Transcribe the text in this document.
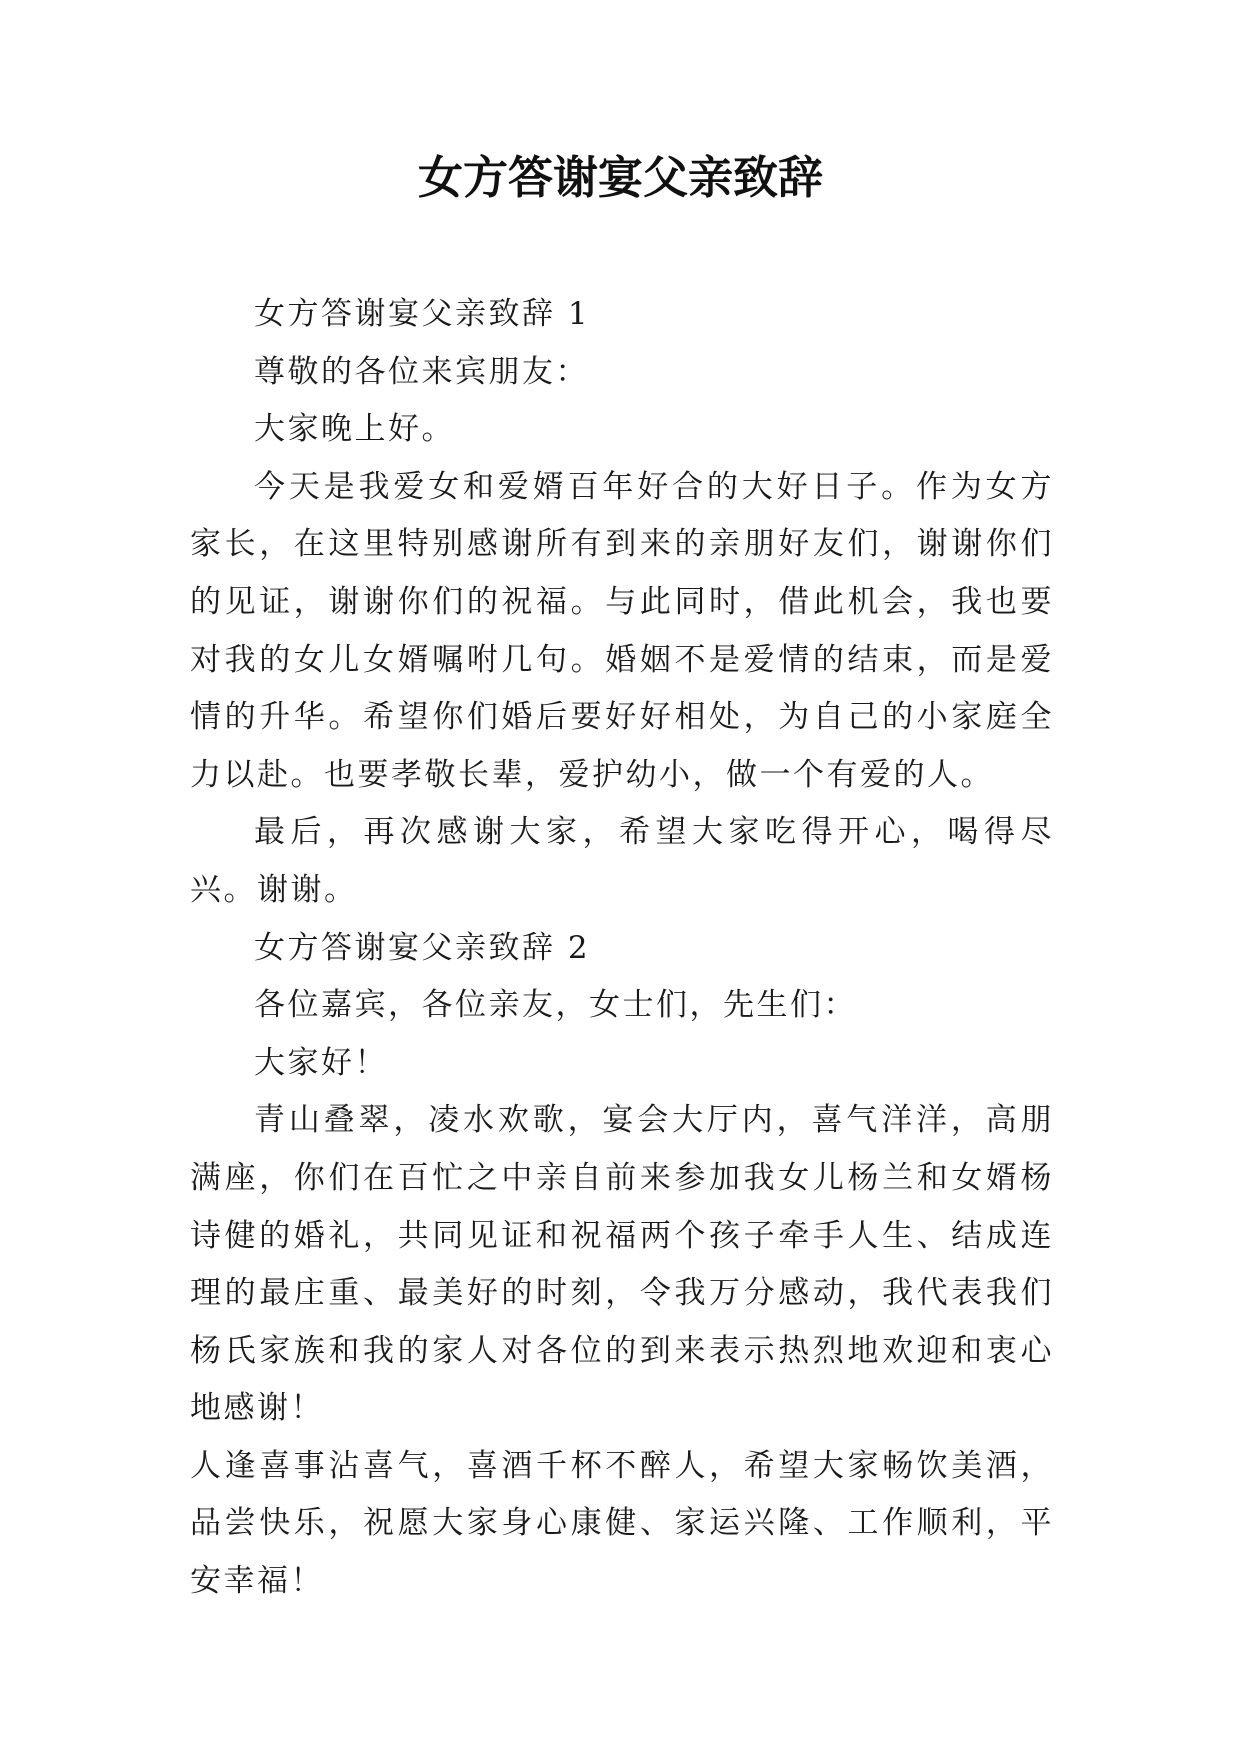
女方答谢宴父亲致辞

女方答谢宴父亲致辞 1

尊敬的各位来宾朋友：

大家晚上好。

今天是我爱女和爱婿百年好合的大好日子。作为女方家长，在这里特别感谢所有到来的亲朋好友们，谢谢你们的见证，谢谢你们的祝福。与此同时，借此机会，我也要对我的女儿女婿嘱咐几句。婚姻不是爱情的结束，而是爱情的升华。希望你们婚后要好好相处，为自己的小家庭全力以赴。也要孝敬长辈，爱护幼小，做一个有爱的人。

最后，再次感谢大家，希望大家吃得开心，喝得尽兴。谢谢。

女方答谢宴父亲致辞 2

各位嘉宾，各位亲友，女士们，先生们：

大家好！

青山叠翠，凌水欢歌，宴会大厅内，喜气洋洋，高朋满座，你们在百忙之中亲自前来参加我女儿杨兰和女婿杨诗健的婚礼，共同见证和祝福两个孩子牵手人生、结成连理的最庄重、最美好的时刻，令我万分感动，我代表我们杨氏家族和我的家人对各位的到来表示热烈地欢迎和衷心地感谢！

人逢喜事沾喜气，喜酒千杯不醉人，希望大家畅饮美酒，品尝快乐，祝愿大家身心康健、家运兴隆、工作顺利，平安幸福！
